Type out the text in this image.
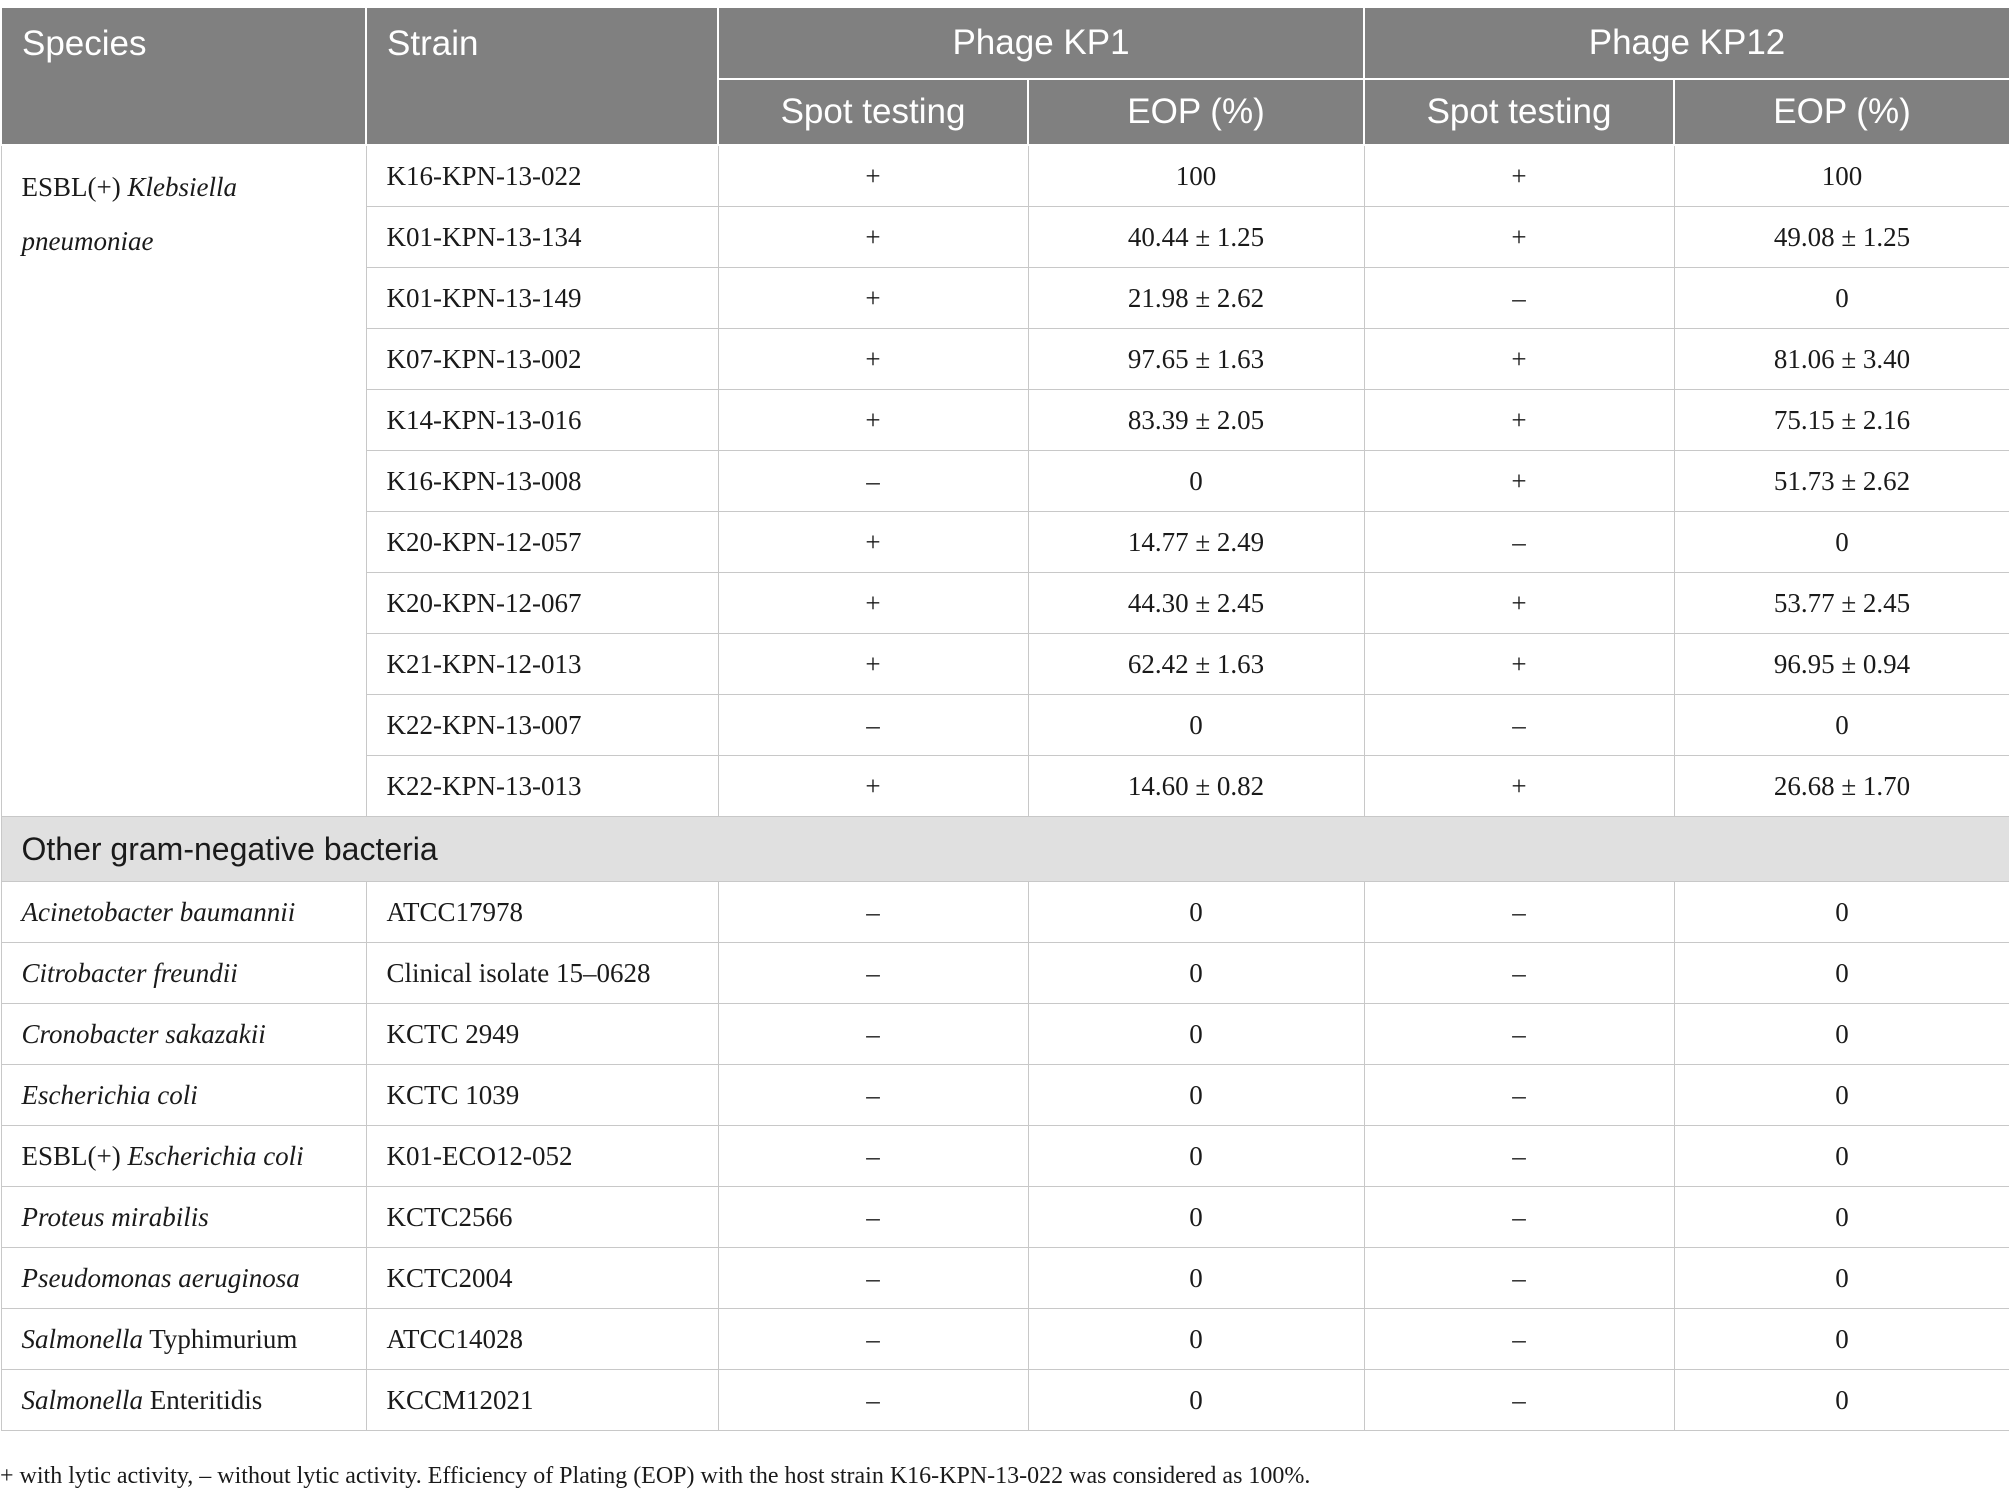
Species	Strain	Phage KP1		Phage KP12	
		Spot testing	EOP (%)	Spot testing	EOP (%)
ESBL(+) Klebsiella pneumoniae	K16-KPN-13-022	+	100	+	100
	K01-KPN-13-134	+	40.44 ± 1.25	+	49.08 ± 1.25
	K01-KPN-13-149	+	21.98 ± 2.62	–	0
	K07-KPN-13-002	+	97.65 ± 1.63	+	81.06 ± 3.40
	K14-KPN-13-016	+	83.39 ± 2.05	+	75.15 ± 2.16
	K16-KPN-13-008	–	0	+	51.73 ± 2.62
	K20-KPN-12-057	+	14.77 ± 2.49	–	0
	K20-KPN-12-067	+	44.30 ± 2.45	+	53.77 ± 2.45
	K21-KPN-12-013	+	62.42 ± 1.63	+	96.95 ± 0.94
	K22-KPN-13-007	–	0	–	0
	K22-KPN-13-013	+	14.60 ± 0.82	+	26.68 ± 1.70
Other gram-negative bacteria					
Acinetobacter baumannii	ATCC17978	–	0	–	0
Citrobacter freundii	Clinical isolate 15–0628	–	0	–	0
Cronobacter sakazakii	KCTC 2949	–	0	–	0
Escherichia coli	KCTC 1039	–	0	–	0
ESBL(+) Escherichia coli	K01-ECO12-052	–	0	–	0
Proteus mirabilis	KCTC2566	–	0	–	0
Pseudomonas aeruginosa	KCTC2004	–	0	–	0
Salmonella Typhimurium	ATCC14028	–	0	–	0
Salmonella Enteritidis	KCCM12021	–	0	–	0
+ with lytic activity, – without lytic activity. Efficiency of Plating (EOP) with the host strain K16-KPN-13-022 was considered as 100%.
